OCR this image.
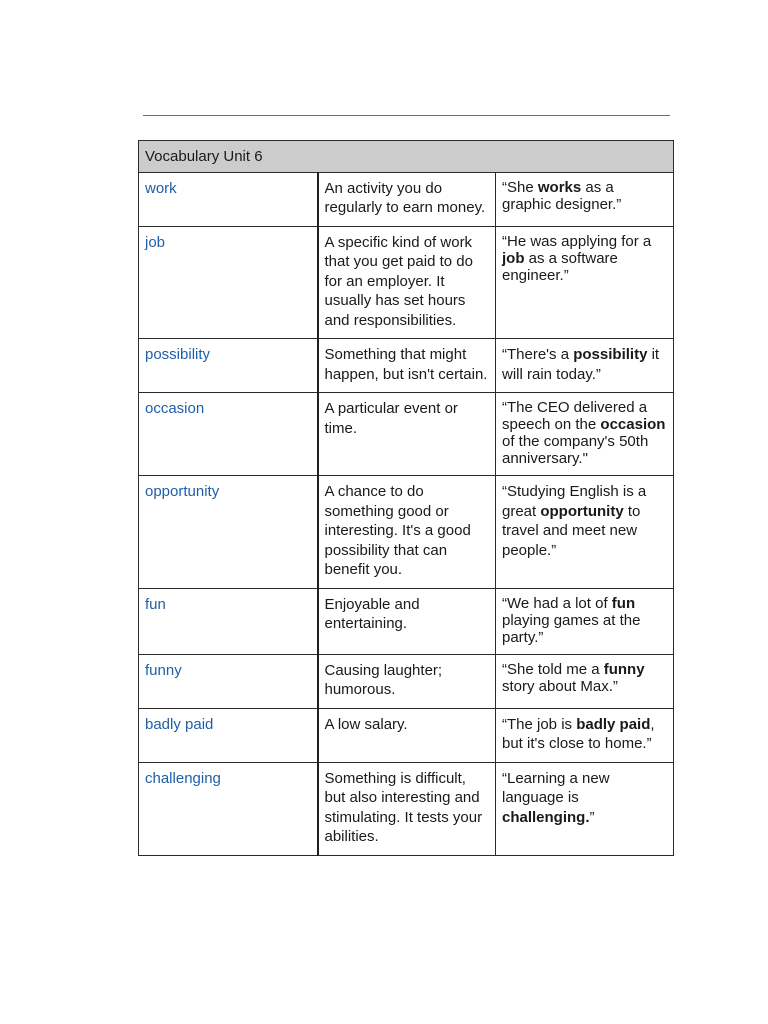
Vocabulary Unit 6		
work	An activity you do regularly to earn money.	“She works as a graphic designer.”
job	A specific kind of work that you get paid to do for an employer. It usually has set hours and responsibilities.	“He was applying for a job as a software engineer.”
possibility	Something that might happen, but isn't certain.	“There's a possibility it will rain today.”
occasion	A particular event or time.	“The CEO delivered a speech on the occasion of the company's 50th anniversary."
opportunity	A chance to do something good or interesting. It's a good possibility that can benefit you.	“Studying English is a great opportunity to travel and meet new people.”
fun	Enjoyable and entertaining.	“We had a lot of fun playing games at the party.”
funny	Causing laughter; humorous.	“She told me a funny story about Max.”
badly paid	A low salary.	“The job is badly paid, but it's close to home.”
challenging	Something is difficult, but also interesting and stimulating. It tests your abilities.	“Learning a new language is challenging.”
